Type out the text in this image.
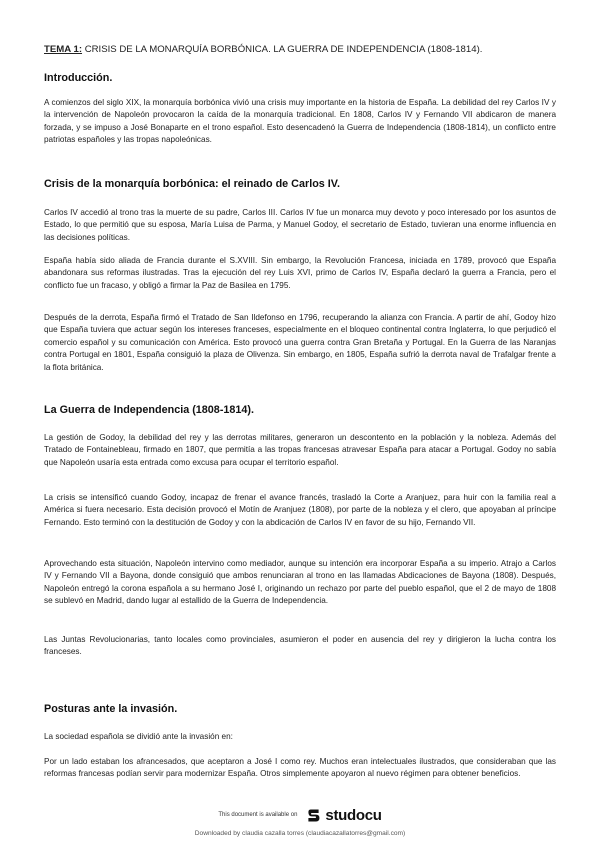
TEMA 1: CRISIS DE LA MONARQUÍA BORBÓNICA. LA GUERRA DE INDEPENDENCIA (1808-1814).
Introducción.

A comienzos del siglo XIX, la monarquía borbónica vivió una crisis muy importante en la historia de España. La debilidad del rey Carlos IV y la intervención de Napoleón provocaron la caída de la monarquía tradicional. En 1808, Carlos IV y Fernando VII abdicaron de manera forzada, y se impuso a José Bonaparte en el trono español. Esto desencadenó la Guerra de Independencia (1808-1814), un conflicto entre patriotas españoles y las tropas napoleónicas.

Crisis de la monarquía borbónica: el reinado de Carlos IV.

Carlos IV accedió al trono tras la muerte de su padre, Carlos III. Carlos IV fue un monarca muy devoto y poco interesado por los asuntos de Estado, lo que permitió que su esposa, María Luisa de Parma, y Manuel Godoy, el secretario de Estado, tuvieran una enorme influencia en las decisiones políticas.

España había sido aliada de Francia durante el S.XVIII. Sin embargo, la Revolución Francesa, iniciada en 1789, provocó que España abandonara sus reformas ilustradas. Tras la ejecución del rey Luis XVI, primo de Carlos IV, España declaró la guerra a Francia, pero el conflicto fue un fracaso, y obligó a firmar la Paz de Basilea en 1795.

Después de la derrota, España firmó el Tratado de San Ildefonso en 1796, recuperando la alianza con Francia. A partir de ahí, Godoy hizo que España tuviera que actuar según los intereses franceses, especialmente en el bloqueo continental contra Inglaterra, lo que perjudicó el comercio español y su comunicación con América. Esto provocó una guerra contra Gran Bretaña y Portugal. En la Guerra de las Naranjas contra Portugal en 1801, España consiguió la plaza de Olivenza. Sin embargo, en 1805, España sufrió la derrota naval de Trafalgar frente a la flota británica.

La Guerra de Independencia (1808-1814).

La gestión de Godoy, la debilidad del rey y las derrotas militares, generaron un descontento en la población y la nobleza. Además del Tratado de Fontainebleau, firmado en 1807, que permitía a las tropas francesas atravesar España para atacar a Portugal. Godoy no sabía que Napoleón usaría esta entrada como excusa para ocupar el territorio español.

La crisis se intensificó cuando Godoy, incapaz de frenar el avance francés, trasladó la Corte a Aranjuez, para huir con la familia real a América si fuera necesario. Esta decisión provocó el Motín de Aranjuez (1808), por parte de la nobleza y el clero, que apoyaban al príncipe Fernando. Esto terminó con la destitución de Godoy y con la abdicación de Carlos IV en favor de su hijo, Fernando VII.

Aprovechando esta situación, Napoleón intervino como mediador, aunque su intención era incorporar España a su imperio. Atrajo a Carlos IV y Fernando VII a Bayona, donde consiguió que ambos renunciaran al trono en las llamadas Abdicaciones de Bayona (1808). Después, Napoleón entregó la corona española a su hermano José I, originando un rechazo por parte del pueblo español, que el 2 de mayo de 1808 se sublevó en Madrid, dando lugar al estallido de la Guerra de Independencia.

Las Juntas Revolucionarias, tanto locales como provinciales, asumieron el poder en ausencia del rey y dirigieron la lucha contra los franceses.

Posturas ante la invasión.

La sociedad española se dividió ante la invasión en:

Por un lado estaban los afrancesados, que aceptaron a José I como rey. Muchos eran intelectuales ilustrados, que consideraban que las reformas francesas podían servir para modernizar España. Otros simplemente apoyaron al nuevo régimen para obtener beneficios.

This document is available on studocu
Downloaded by claudia cazalla torres (claudiacazallatorres@gmail.com)
